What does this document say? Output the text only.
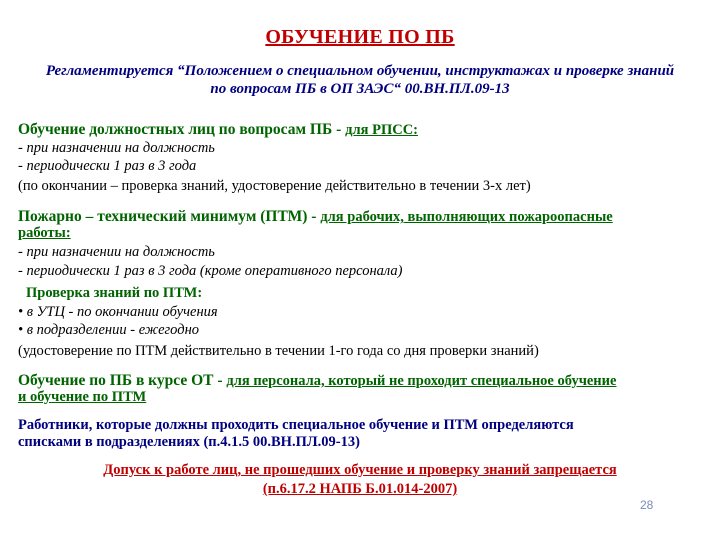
ОБУЧЕНИЕ ПО ПБ
Регламентируется “Положением о специальном обучении, инструктажах и проверке знаний
по вопросам ПБ в ОП ЗАЭС“ 00.ВН.ПЛ.09-13
Обучение должностных лиц по вопросам ПБ - для РПСС:
- при назначении на должность
- периодически 1 раз в 3 года
(по окончании – проверка знаний, удостоверение действительно в течении 3-х лет)
Пожарно – технический минимум (ПТМ) - для рабочих, выполняющих пожароопасные
работы:
- при назначении на должность
- периодически 1 раз в 3 года (кроме оперативного персонала)
Проверка знаний по ПТМ:
• в УТЦ - по окончании обучения
• в подразделении - ежегодно
(удостоверение по ПТМ действительно в течении 1-го года со дня проверки знаний)
Обучение по ПБ в курсе ОТ - для персонала, который не проходит специальное обучение
и обучение по ПТМ
Работники, которые должны проходить специальное обучение и ПТМ определяются
списками в подразделениях (п.4.1.5 00.ВН.ПЛ.09-13)
Допуск к работе лиц, не прошедших обучение и проверку знаний запрещается
(п.6.17.2 НАПБ Б.01.014-2007)
28
